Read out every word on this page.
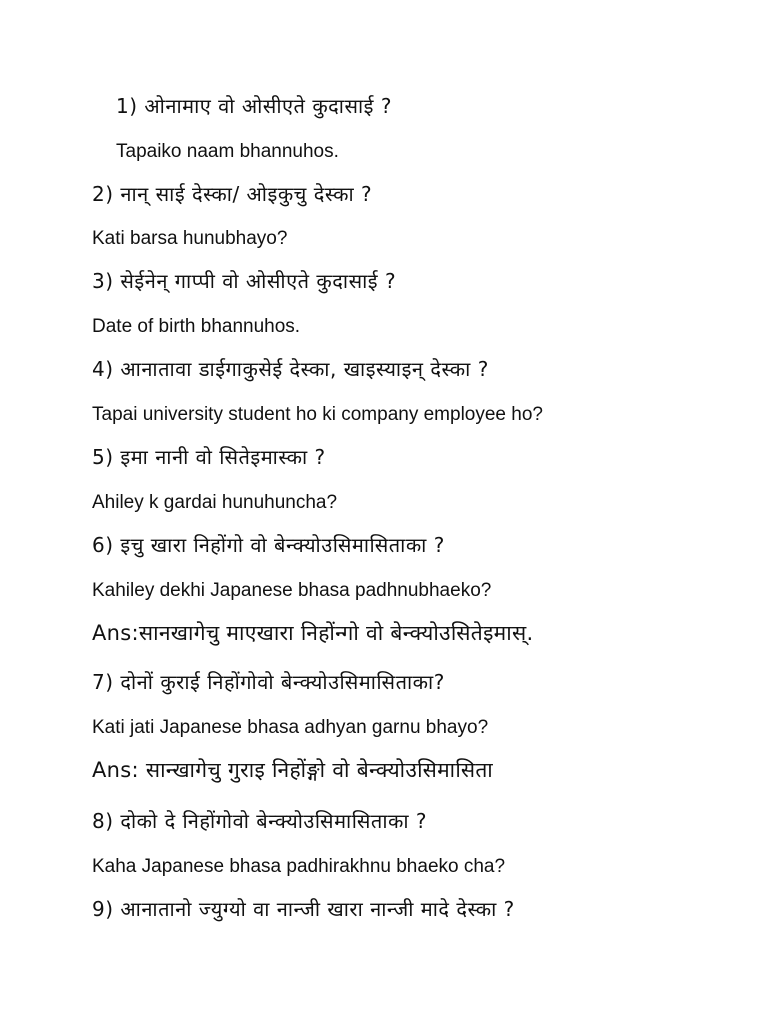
1) ओनामाए वो ओसीएते कुदासाई ?
Tapaiko naam bhannuhos.
2) नान् साई देस्का/ ओइकुचु देस्का ?
Kati barsa hunubhayo?
3) सेईनेन् गाप्पी वो ओसीएते कुदासाई ?
Date of birth bhannuhos.
4) आनातावा डाईगाकुसेई देस्का, खाइस्याइन् देस्का ?
Tapai university student ho ki company employee ho?
5) इमा नानी वो सितेइमास्का ?
Ahiley k gardai hunuhuncha?
6) इचु खारा निहोंगो वो बेन्क्योउसिमासिताका ?
Kahiley dekhi Japanese bhasa padhnubhaeko?
Ans:सानखागेचु माएखारा निहोंन्गो वो बेन्क्योउसितेइमास्.
7) दोनों कुराई निहोंगोवो बेन्क्योउसिमासिताका?
Kati jati Japanese bhasa adhyan garnu bhayo?
Ans: सान्खागेचु गुराइ निहोंङ्गो वो बेन्क्योउसिमासिता
8) दोको दे निहोंगोवो बेन्क्योउसिमासिताका ?
Kaha Japanese bhasa padhirakhnu bhaeko cha?
9) आनातानो ज्युग्यो वा नान्जी खारा नान्जी मादे देस्का ?
